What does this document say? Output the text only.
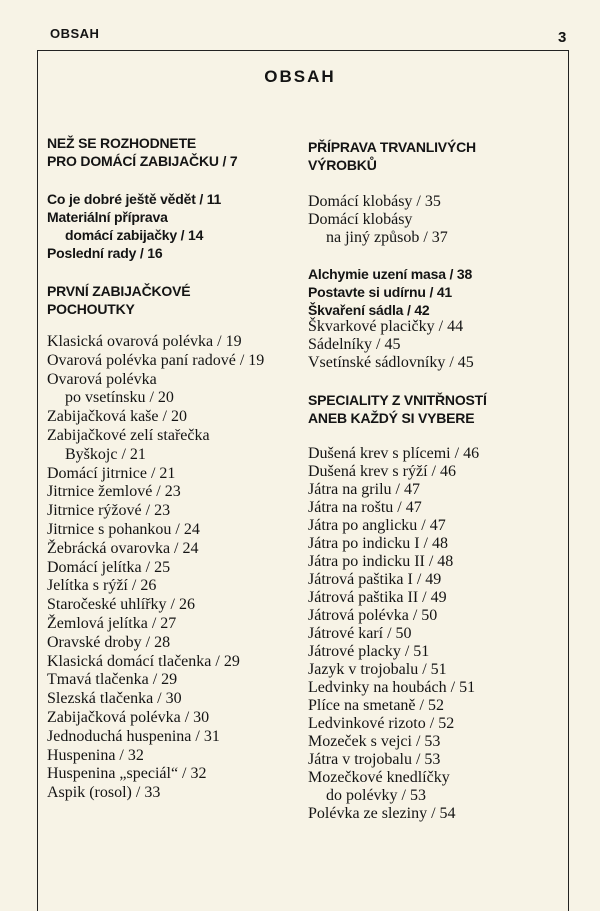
OBSAH	3
OBSAH
NEŽ SE ROZHODNETE
PRO DOMÁCÍ ZABIJAČKU / 7
Co je dobré ještě vědět / 11
Materiální příprava
domácí zabijačky / 14
Poslední rady / 16
PRVNÍ ZABIJAČKOVÉ
POCHOUTKY
Klasická ovarová polévka / 19
Ovarová polévka paní radové / 19
Ovarová polévka
po vsetínsku / 20
Zabijačková kaše / 20
Zabijačkové zelí stařečka
Byškojc / 21
Domácí jitrnice / 21
Jitrnice žemlové / 23
Jitrnice rýžové / 23
Jitrnice s pohankou / 24
Žebrácká ovarovka / 24
Domácí jelítka / 25
Jelítka s rýží / 26
Staročeské uhlířky / 26
Žemlová jelítka / 27
Oravské droby / 28
Klasická domácí tlačenka / 29
Tmavá tlačenka / 29
Slezská tlačenka / 30
Zabijačková polévka / 30
Jednoduchá huspenina / 31
Huspenina / 32
Huspenina „speciál“ / 32
Aspik (rosol) / 33
PŘÍPRAVA TRVANLIVÝCH
VÝROBKŮ
Domácí klobásy / 35
Domácí klobásy
na jiný způsob / 37
Alchymie uzení masa / 38
Postavte si udírnu / 41
Škvaření sádla / 42
Škvarkové placičky / 44
Sádelníky / 45
Vsetínské sádlovníky / 45
SPECIALITY Z VNITŘNOSTÍ
ANEB KAŽDÝ SI VYBERE
Dušená krev s plícemi / 46
Dušená krev s rýží / 46
Játra na grilu / 47
Játra na roštu / 47
Játra po anglicku / 47
Játra po indicku I / 48
Játra po indicku II / 48
Játrová paštika I / 49
Játrová paštika II / 49
Játrová polévka / 50
Játrové karí / 50
Játrové placky / 51
Jazyk v trojobalu / 51
Ledvinky na houbách / 51
Plíce na smetaně / 52
Ledvinkové rizoto / 52
Mozeček s vejci / 53
Játra v trojobalu / 53
Mozečkové knedlíčky
do polévky / 53
Polévka ze sleziny / 54
